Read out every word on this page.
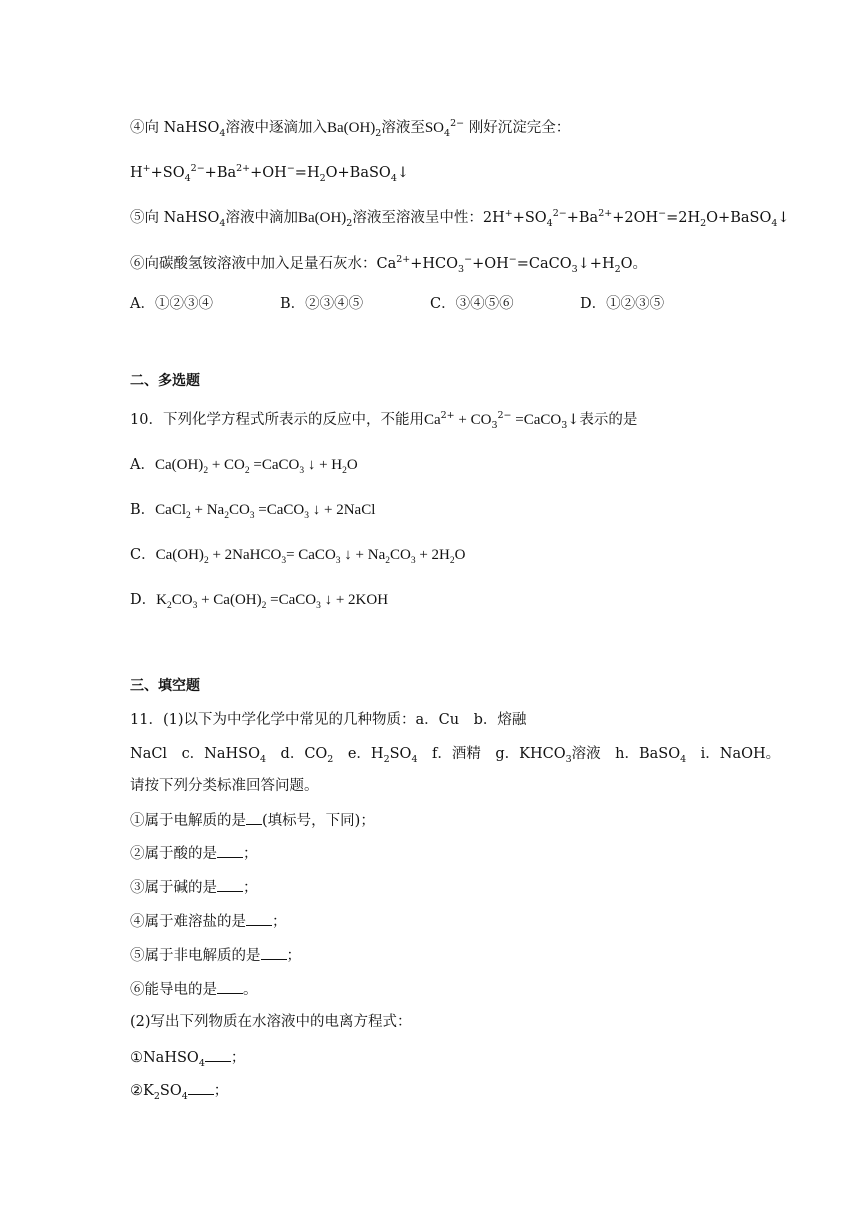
④向 NaHSO$_4$溶液中逐滴加入$Ba(OH)_2$溶液至$SO_4^{2-}$ 刚好沉淀完全：
$H^++SO_4^{2-}+Ba^{2+}+OH^-=H_2O+BaSO_4↓$
⑤向 NaHSO$_4$溶液中滴加$Ba(OH)_2$溶液至溶液呈中性：$2H^++SO_4^{2-}+Ba^{2+}+2OH^-=2H_2O+BaSO_4↓$
⑥向碳酸氢铵溶液中加入足量石灰水：$Ca^{2+}+HCO_3^-+OH^-=CaCO_3↓+H_2O$。
A．①②③④	B．②③④⑤	C．③④⑤⑥	D．①②③⑤
二、多选题
10．下列化学方程式所表示的反应中，不能用$Ca^{2+} + CO_3^{2-}$ =CaCO$_3$↓表示的是
A．$Ca(OH)_2 + CO_2$ =CaCO$_3$ ↓ + $H_2O$
B．CaCl$_2$ + $Na_2CO_3$ =CaCO$_3$ ↓ + 2NaCl
C．$Ca(OH)_2$ + 2NaHCO$_3$= CaCO$_3$ ↓ + $Na_2CO_3 + 2H_2O$
D．$K_2CO_3 + Ca(OH)_2$ =CaCO$_3$ ↓ + 2KOH
三、填空题
11．(1)以下为中学化学中常见的几种物质：a．Cu　b．熔融
NaCl　c．NaHSO$_4$　d．$CO_2$　e．$H_2SO_4$　f．酒精　g．$KHCO_3$溶液　h．BaSO$_4$　i．NaOH。
请按下列分类标准回答问题。
①属于电解质的是 (填标号，下同)；
②属于酸的是 ；
③属于碱的是 ；
④属于难溶盐的是 ；
⑤属于非电解质的是 ；
⑥能导电的是 。
(2)写出下列物质在水溶液中的电离方程式：
①NaHSO$_4$ ；
$②K_2SO_4$ ；
